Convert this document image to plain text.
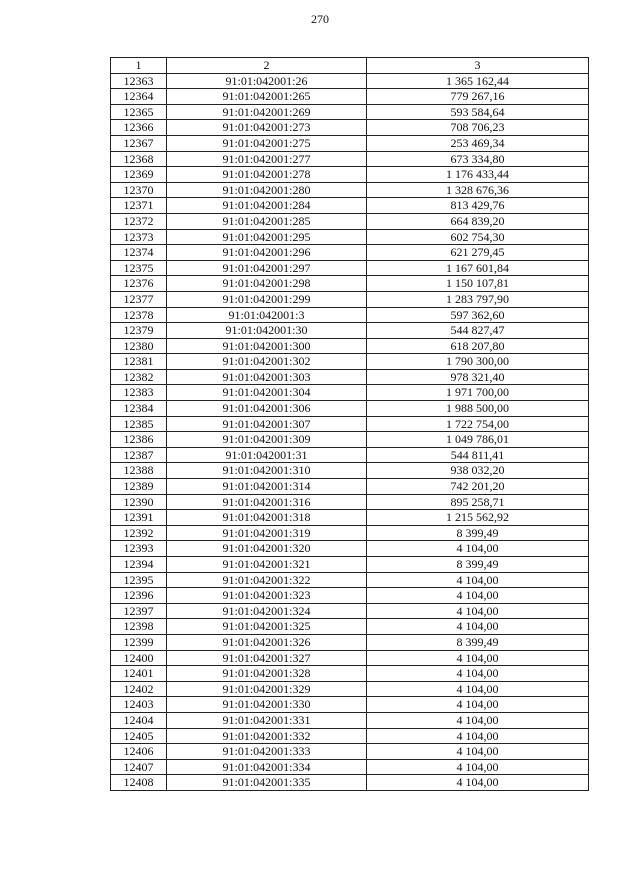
270
1	2	3
12363	91:01:042001:26	1 365 162,44
12364	91:01:042001:265	779 267,16
12365	91:01:042001:269	593 584,64
12366	91:01:042001:273	708 706,23
12367	91:01:042001:275	253 469,34
12368	91:01:042001:277	673 334,80
12369	91:01:042001:278	1 176 433,44
12370	91:01:042001:280	1 328 676,36
12371	91:01:042001:284	813 429,76
12372	91:01:042001:285	664 839,20
12373	91:01:042001:295	602 754,30
12374	91:01:042001:296	621 279,45
12375	91:01:042001:297	1 167 601,84
12376	91:01:042001:298	1 150 107,81
12377	91:01:042001:299	1 283 797,90
12378	91:01:042001:3	597 362,60
12379	91:01:042001:30	544 827,47
12380	91:01:042001:300	618 207,80
12381	91:01:042001:302	1 790 300,00
12382	91:01:042001:303	978 321,40
12383	91:01:042001:304	1 971 700,00
12384	91:01:042001:306	1 988 500,00
12385	91:01:042001:307	1 722 754,00
12386	91:01:042001:309	1 049 786,01
12387	91:01:042001:31	544 811,41
12388	91:01:042001:310	938 032,20
12389	91:01:042001:314	742 201,20
12390	91:01:042001:316	895 258,71
12391	91:01:042001:318	1 215 562,92
12392	91:01:042001:319	8 399,49
12393	91:01:042001:320	4 104,00
12394	91:01:042001:321	8 399,49
12395	91:01:042001:322	4 104,00
12396	91:01:042001:323	4 104,00
12397	91:01:042001:324	4 104,00
12398	91:01:042001:325	4 104,00
12399	91:01:042001:326	8 399,49
12400	91:01:042001:327	4 104,00
12401	91:01:042001:328	4 104,00
12402	91:01:042001:329	4 104,00
12403	91:01:042001:330	4 104,00
12404	91:01:042001:331	4 104,00
12405	91:01:042001:332	4 104,00
12406	91:01:042001:333	4 104,00
12407	91:01:042001:334	4 104,00
12408	91:01:042001:335	4 104,00
